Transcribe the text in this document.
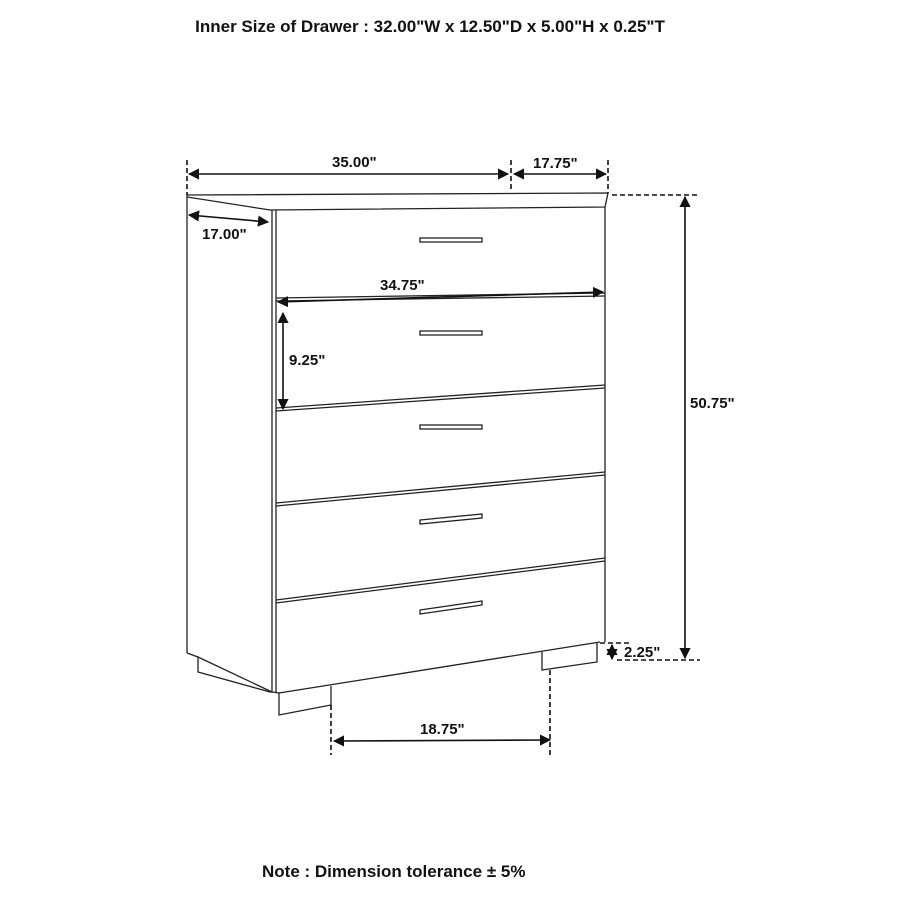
Inner Size of Drawer : 32.00"W x 12.50"D x 5.00"H x 0.25"T
35.00"	17.75"
17.00"
34.75"
9.25"
50.75"
2.25"
18.75"
Note : Dimension tolerance ± 5%
